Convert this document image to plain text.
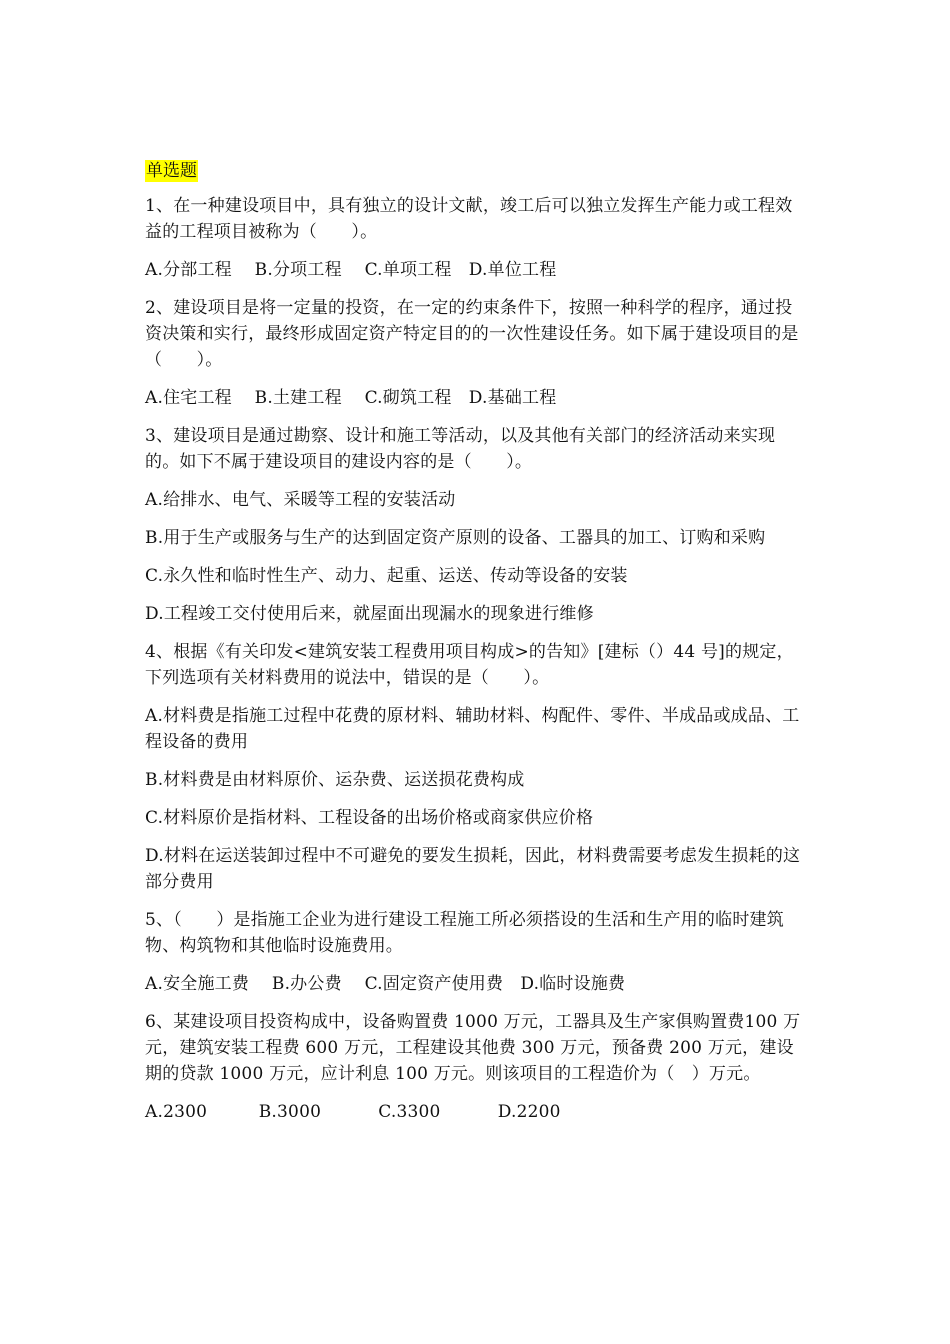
单选题

1、在一种建设项目中，具有独立的设计文献，竣工后可以独立发挥生产能力或工程效益的工程项目被称为（　　）。

A.分部工程　 B.分项工程　 C.单项工程　D.单位工程

2、建设项目是将一定量的投资，在一定的约束条件下，按照一种科学的程序，通过投资决策和实行，最终形成固定资产特定目的的一次性建设任务。如下属于建设项目的是（　　）。

A.住宅工程　 B.土建工程　 C.砌筑工程　D.基础工程

3、建设项目是通过勘察、设计和施工等活动，以及其他有关部门的经济活动来实现的。如下不属于建设项目的建设内容的是（　　）。

A.给排水、电气、采暖等工程的安装活动

B.用于生产或服务与生产的达到固定资产原则的设备、工器具的加工、订购和采购

C.永久性和临时性生产、动力、起重、运送、传动等设备的安装

D.工程竣工交付使用后来，就屋面出现漏水的现象进行维修

4、根据《有关印发<建筑安装工程费用项目构成>的告知》[建标（）44 号]的规定，下列选项有关材料费用的说法中，错误的是（　　）。

A.材料费是指施工过程中花费的原材料、辅助材料、构配件、零件、半成品或成品、工程设备的费用

B.材料费是由材料原价、运杂费、运送损花费构成

C.材料原价是指材料、工程设备的出场价格或商家供应价格

D.材料在运送装卸过程中不可避免的要发生损耗，因此，材料费需要考虑发生损耗的这部分费用

5、（　　）是指施工企业为进行建设工程施工所必须搭设的生活和生产用的临时建筑物、构筑物和其他临时设施费用。

A.安全施工费　 B.办公费　 C.固定资产使用费　D.临时设施费

6、某建设项目投资构成中，设备购置费 1000 万元，工器具及生产家俱购置费100 万元，建筑安装工程费 600 万元，工程建设其他费 300 万元，预备费 200 万元，建设期的贷款 1000 万元，应计利息 100 万元。则该项目的工程造价为（　）万元。

A.2300　　　B.3000　　　 C.3300　　　 D.2200
